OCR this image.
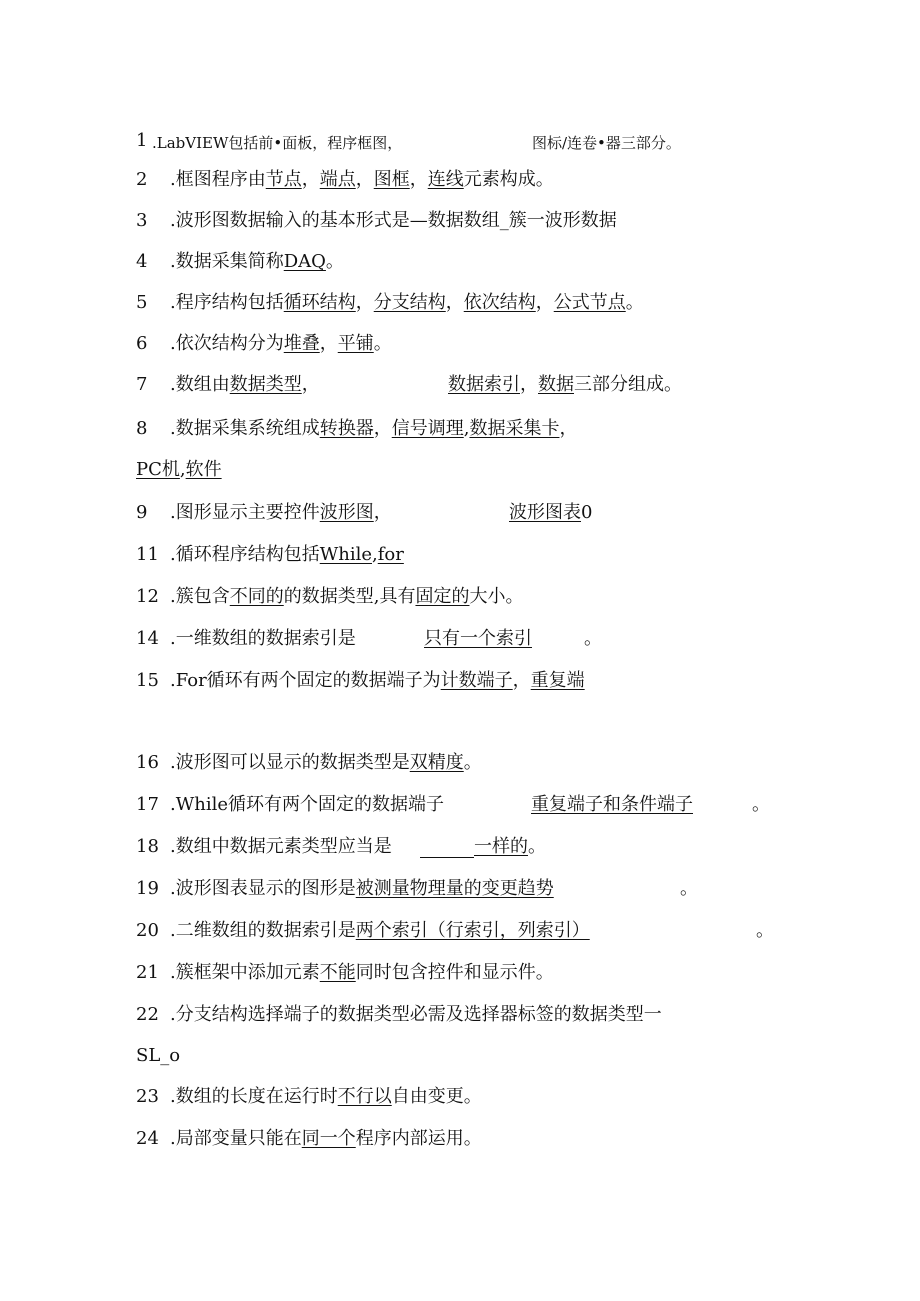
1 .LabVIEW包括前•面板，程序框图，	图标/连卷•器三部分。
2 .框图程序由节点，端点，图框，连线元素构成。
3 .波形图数据输入的基本形式是—数据数组_簇一波形数据
4 .数据采集简称DAQ。
5 .程序结构包括循环结构，分支结构，依次结构，公式节点。
6 .依次结构分为堆叠，平铺。
7 .数组由数据类型，	数据索引，数据三部分组成。
8 .数据采集系统组成转换器，信号调理,数据采集卡，
PC机,软件
9 .图形显示主要控件波形图，	波形图表0
11 .循环程序结构包括While,for
12 .簇包含不同的的数据类型,具有固定的大小。
14 .一维数组的数据索引是	只有一个索引	。
15 .For循环有两个固定的数据端子为计数端子，重复端
16 .波形图可以显示的数据类型是双精度。
17 .While循环有两个固定的数据端子	重复端子和条件端子	。
18 .数组中数据元素类型应当是	一样的。
19 .波形图表显示的图形是被测量物理量的变更趋势	。
20 .二维数组的数据索引是两个索引（行索引，列索引）	。
21 .簇框架中添加元素不能同时包含控件和显示件。
22 .分支结构选择端子的数据类型必需及选择器标签的数据类型一
SL_o
23 .数组的长度在运行时不行以自由变更。
24 .局部变量只能在同一个程序内部运用。
